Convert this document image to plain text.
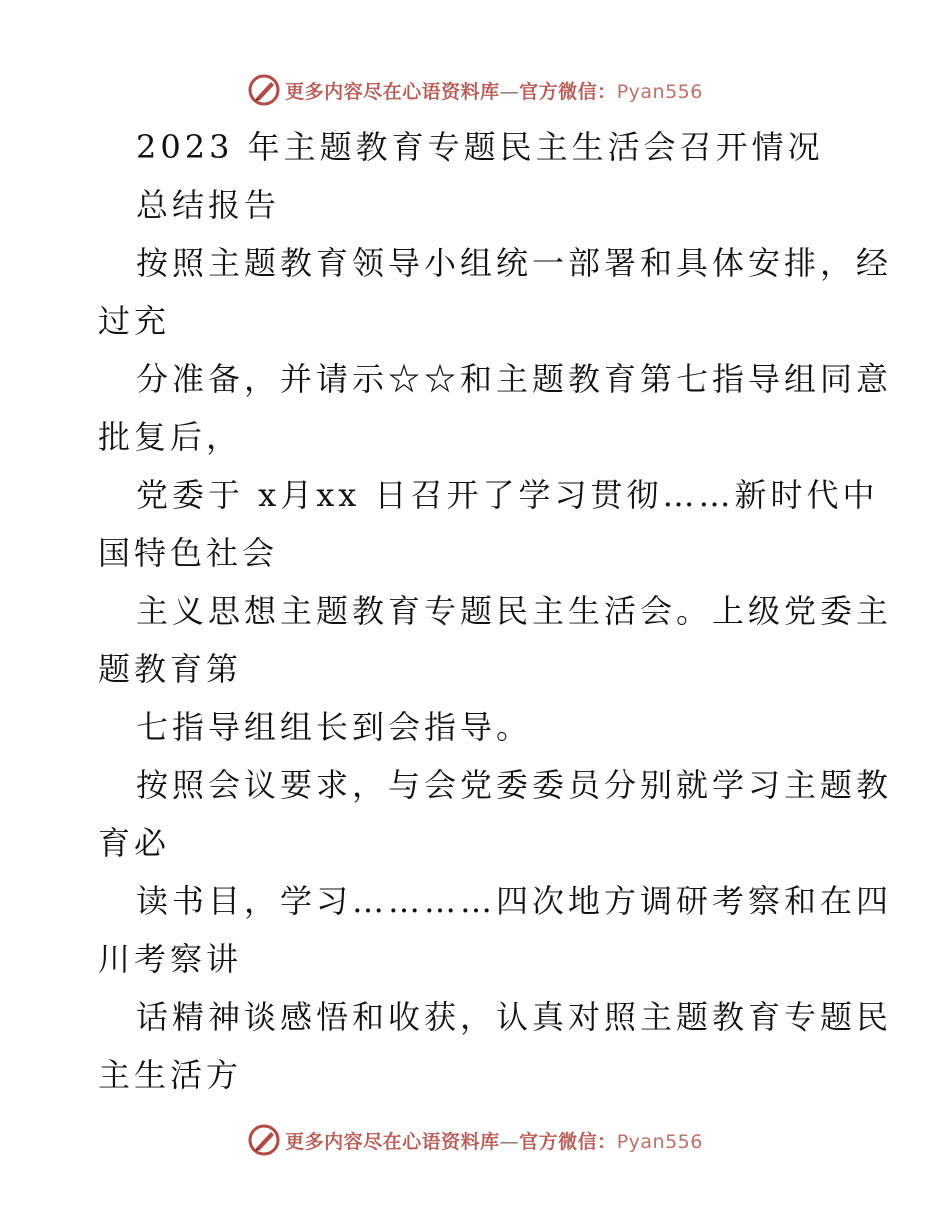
更多内容尽在心语资料库—官方微信：Pyan556
2023 年主题教育专题民主生活会召开情况
总结报告
按照主题教育领导小组统一部署和具体安排，经
过充
分准备，并请示☆☆和主题教育第七指导组同意
批复后，
党委于 x月xx 日召开了学习贯彻……新时代中
国特色社会
主义思想主题教育专题民主生活会。上级党委主
题教育第
七指导组组长到会指导。
按照会议要求，与会党委委员分别就学习主题教
育必
读书目，学习…………四次地方调研考察和在四
川考察讲
话精神谈感悟和收获，认真对照主题教育专题民
主生活方
更多内容尽在心语资料库—官方微信：Pyan556
